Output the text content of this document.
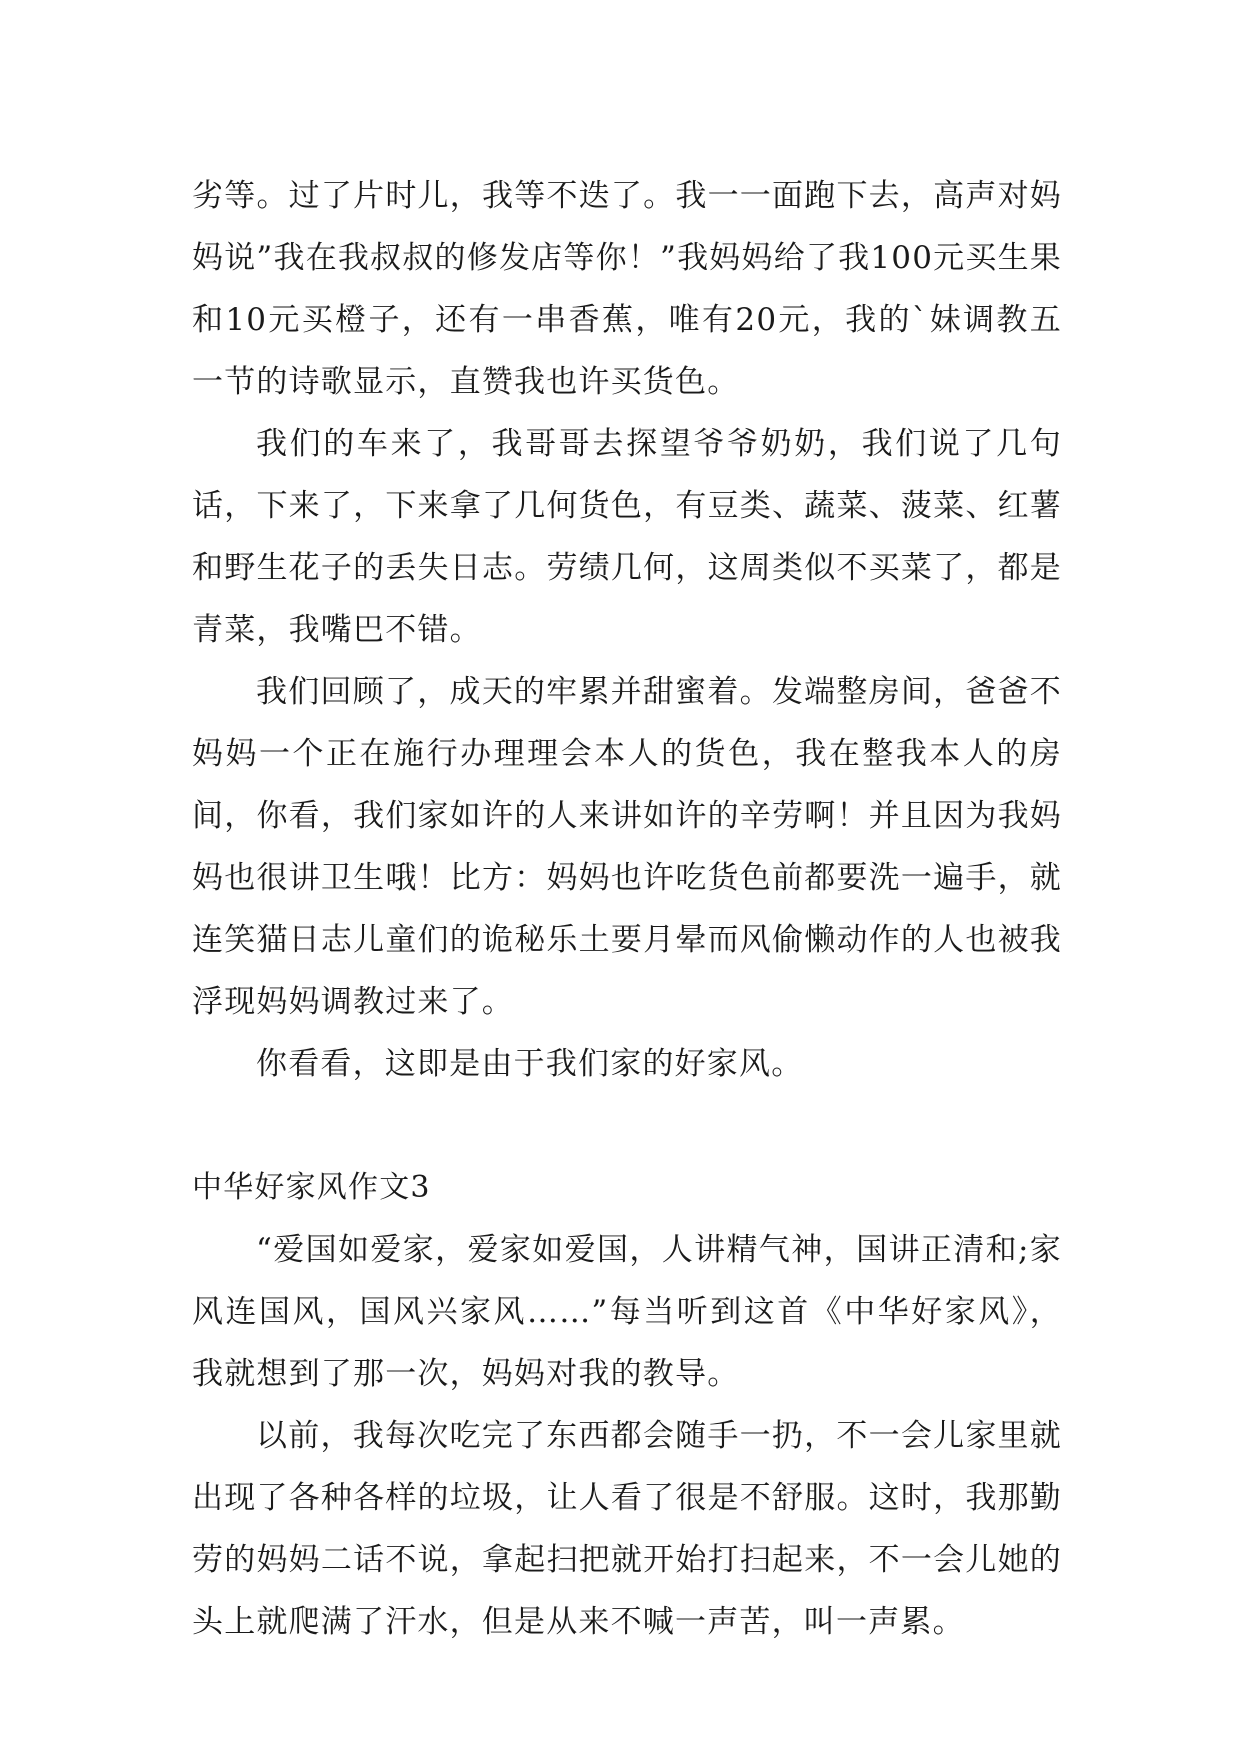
劣等。过了片时儿，我等不迭了。我一一面跑下去，高声对妈妈说”我在我叔叔的修发店等你！”我妈妈给了我100元买生果和10元买橙子，还有一串香蕉，唯有20元，我的`妹调教五一节的诗歌显示，直赞我也许买货色。

我们的车来了，我哥哥去探望爷爷奶奶，我们说了几句话，下来了，下来拿了几何货色，有豆类、蔬菜、菠菜、红薯和野生花子的丢失日志。劳绩几何，这周类似不买菜了，都是青菜，我嘴巴不错。

我们回顾了，成天的牢累并甜蜜着。发端整房间，爸爸不妈妈一个正在施行办理理会本人的货色，我在整我本人的房间，你看，我们家如许的人来讲如许的辛劳啊！并且因为我妈妈也很讲卫生哦！比方：妈妈也许吃货色前都要洗一遍手，就连笑猫日志儿童们的诡秘乐土要月晕而风偷懒动作的人也被我浮现妈妈调教过来了。

你看看，这即是由于我们家的好家风。

中华好家风作文3

“爱国如爱家，爱家如爱国，人讲精气神，国讲正清和;家风连国风，国风兴家风……”每当听到这首《中华好家风》，我就想到了那一次，妈妈对我的教导。

以前，我每次吃完了东西都会随手一扔，不一会儿家里就出现了各种各样的垃圾，让人看了很是不舒服。这时，我那勤劳的妈妈二话不说，拿起扫把就开始打扫起来，不一会儿她的头上就爬满了汗水，但是从来不喊一声苦，叫一声累。
